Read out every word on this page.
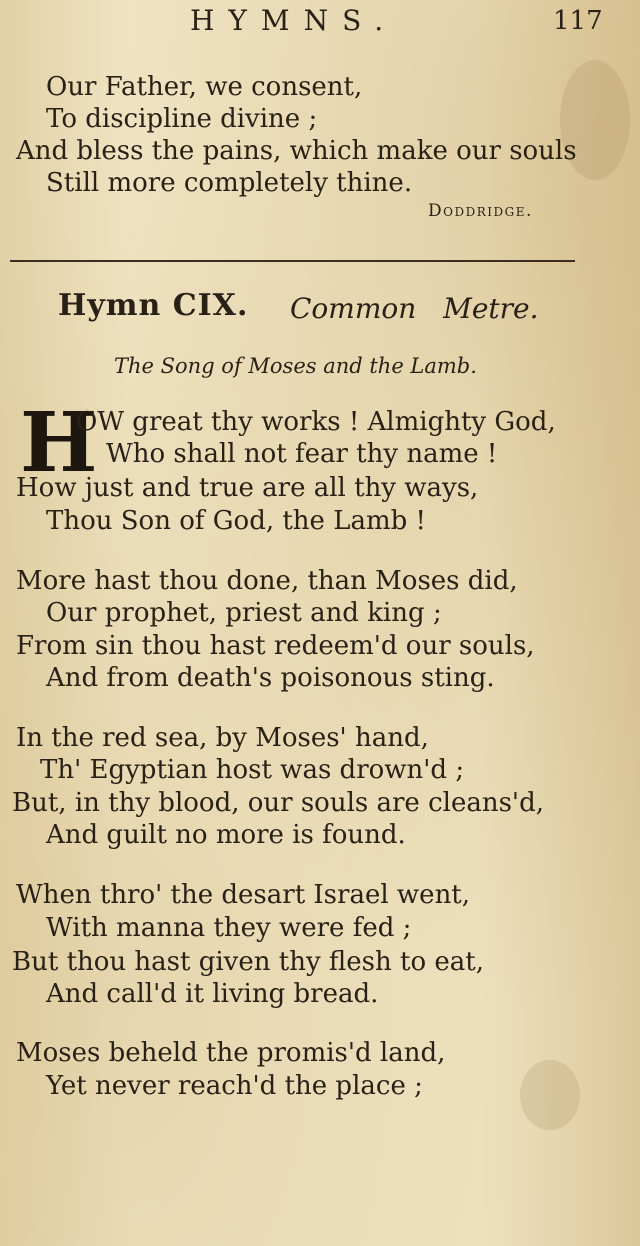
HYMNS.	117
Our Father, we consent,
To discipline divine ;
And bless the pains, which make our souls
Still more completely thine.
Doddridge.
Hymn CIX. Common Metre.
The Song of Moses and the Lamb.
H
OW great thy works ! Almighty God,
Who shall not fear thy name !
How just and true are all thy ways,
Thou Son of God, the Lamb !
More hast thou done, than Moses did,
Our prophet, priest and king ;
From sin thou hast redeem'd our souls,
And from death's poisonous sting.
In the red sea, by Moses' hand,
Th' Egyptian host was drown'd ;
But, in thy blood, our souls are cleans'd,
And guilt no more is found.
When thro' the desart Israel went,
With manna they were fed ;
But thou hast given thy flesh to eat,
And call'd it living bread.
Moses beheld the promis'd land,
Yet never reach'd the place ;
